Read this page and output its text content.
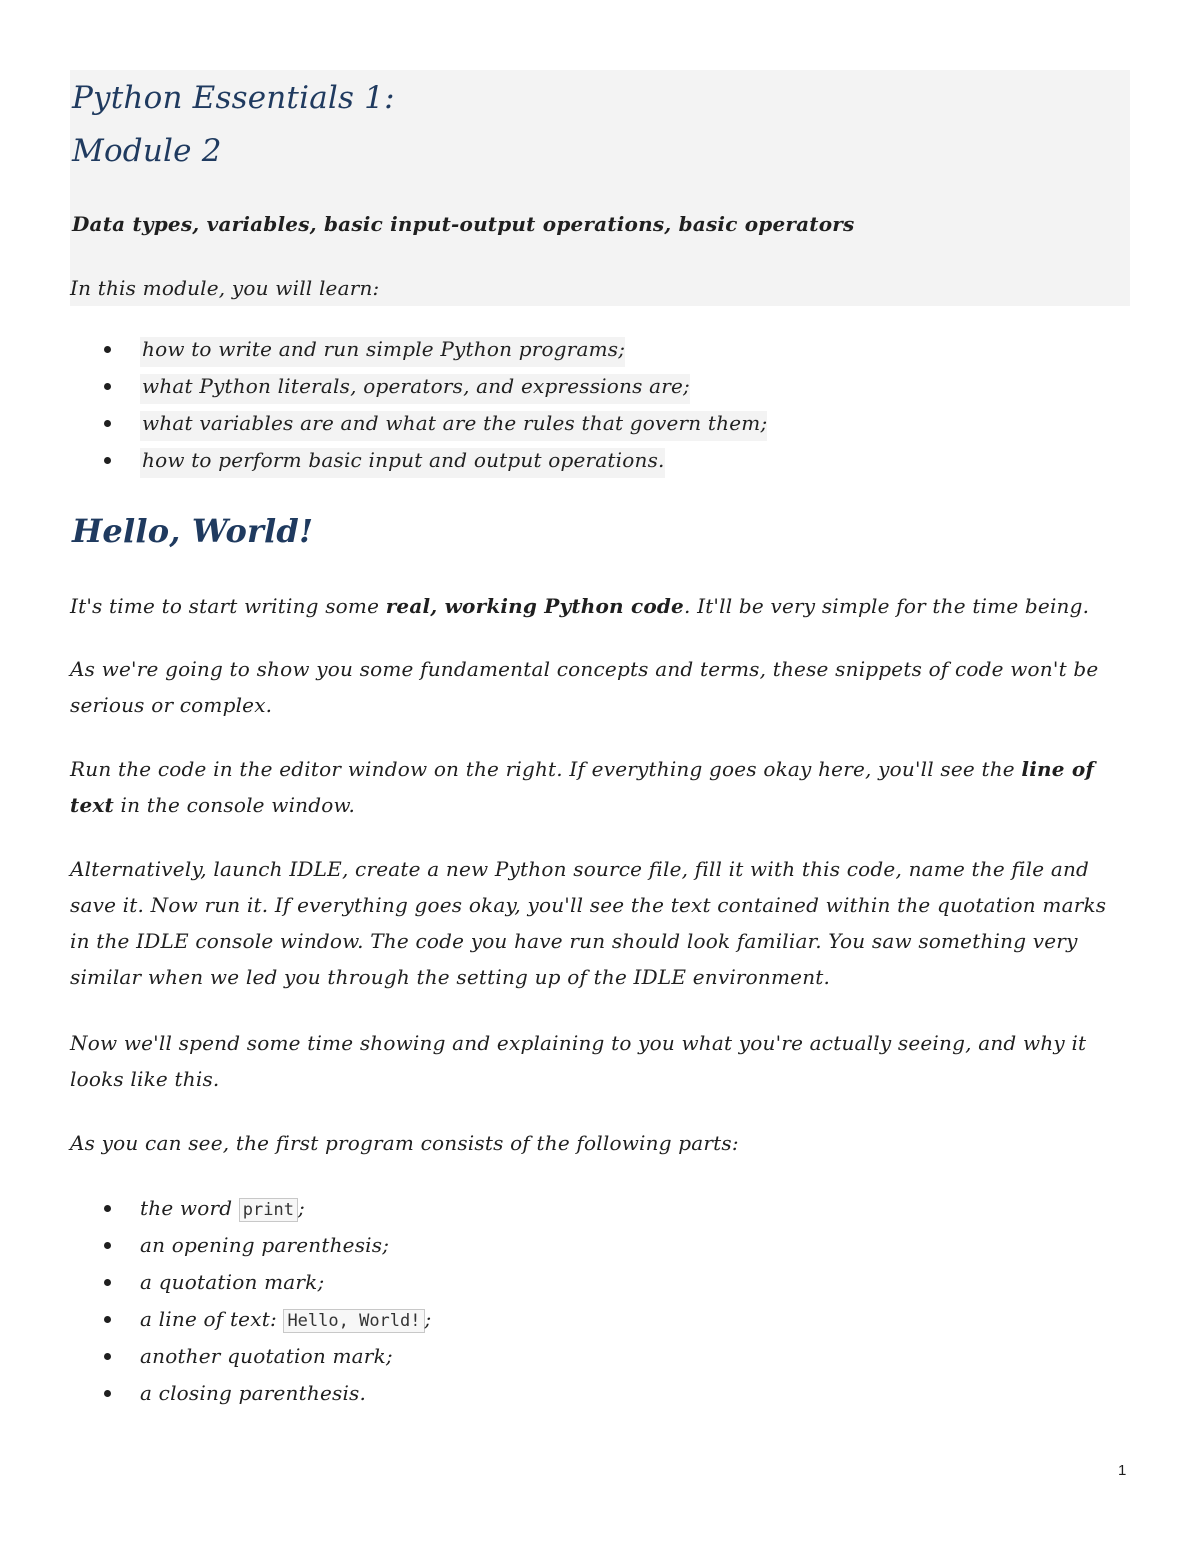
Python Essentials 1:
Module 2
Data types, variables, basic input-output operations, basic operators
In this module, you will learn:
how to write and run simple Python programs;
what Python literals, operators, and expressions are;
what variables are and what are the rules that govern them;
how to perform basic input and output operations.
Hello, World!

It's time to start writing some real, working Python code. It'll be very simple for the time being.

As we're going to show you some fundamental concepts and terms, these snippets of code won't be serious or complex.

Run the code in the editor window on the right. If everything goes okay here, you'll see the line of text in the console window.

Alternatively, launch IDLE, create a new Python source file, fill it with this code, name the file and save it. Now run it. If everything goes okay, you'll see the text contained within the quotation marks in the IDLE console window. The code you have run should look familiar. You saw something very similar when we led you through the setting up of the IDLE environment.

Now we'll spend some time showing and explaining to you what you're actually seeing, and why it looks like this.

As you can see, the first program consists of the following parts:

the word print ;
an opening parenthesis;
a quotation mark;
a line of text: Hello, World! ;
another quotation mark;
a closing parenthesis.
1
